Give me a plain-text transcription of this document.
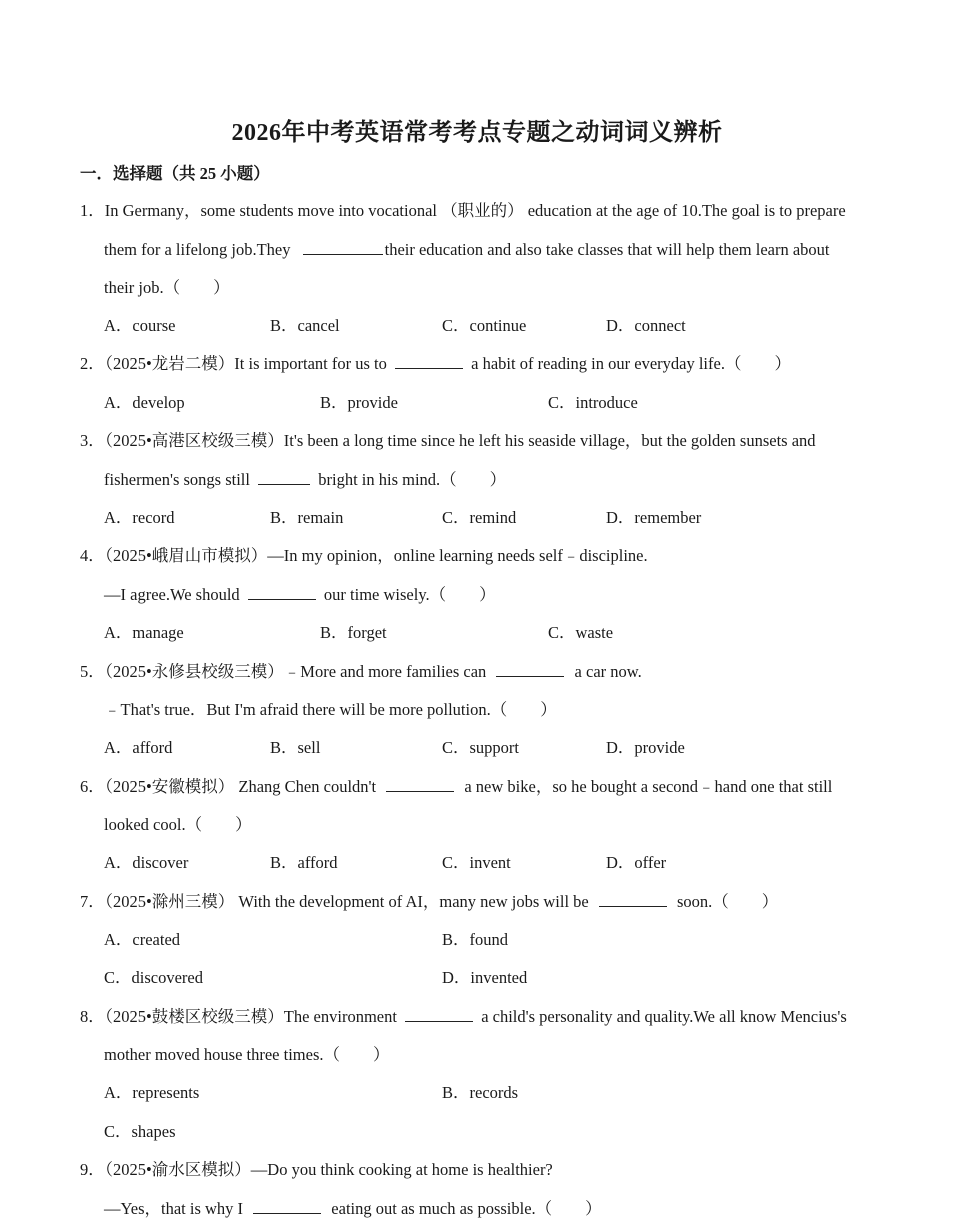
2026年中考英语常考考点专题之动词词义辨析
一．选择题（共 25 小题）
1．In Germany，some students move into vocational （职业的） education at the age of 10.The goal is to prepare
them for a lifelong job.They	their education and also take classes that will help them learn about
their job.（　　）
A．course	B．cancel	C．continue	D．connect
2．（2025•龙岩二模）It is important for us to	a habit of reading in our everyday life.（　　）
A．develop	B．provide	C．introduce
3．（2025•高港区校级三模）It's been a long time since he left his seaside village，but the golden sunsets and
fishermen's songs still	bright in his mind.（　　）
A．record	B．remain	C．remind	D．remember
4．（2025•峨眉山市模拟）—In my opinion，online learning needs self﹣discipline.
—I agree.We should	our time wisely.（　　）
A．manage	B．forget	C．waste
5．（2025•永修县校级三模）﹣More and more families can	a car now.
﹣That's true．But I'm afraid there will be more pollution.（　　）
A．afford	B．sell	C．support	D．provide
6．（2025•安徽模拟） Zhang Chen couldn't	a new bike，so he bought a second﹣hand one that still
looked cool.（　　）
A．discover	B．afford	C．invent	D．offer
7．（2025•滁州三模） With the development of AI，many new jobs will be	soon.（　　）
A．created	B．found
C．discovered	D．invented
8．（2025•鼓楼区校级三模）The environment	a child's personality and quality.We all know Mencius's
mother moved house three times.（　　）
A．represents	B．records
C．shapes
9．（2025•渝水区模拟）—Do you think cooking at home is healthier?
—Yes，that is why I	eating out as much as possible.（　　）
